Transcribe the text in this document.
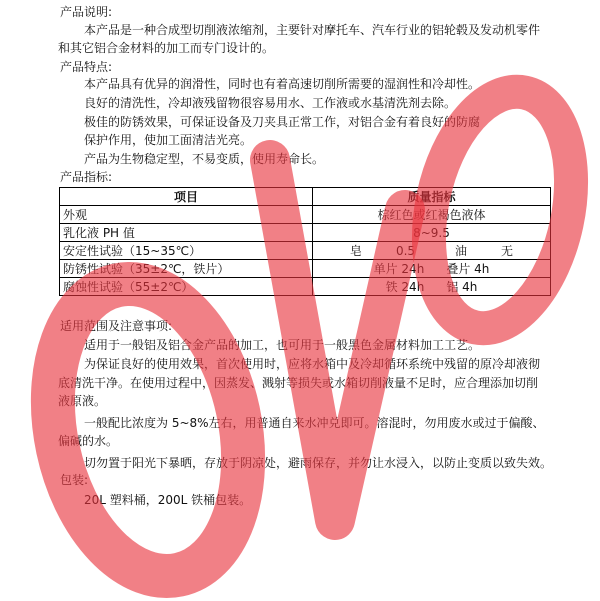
产品说明:

本产品是一种合成型切削液浓缩剂，主要针对摩托车、汽车行业的铝轮毂及发动机零件

和其它铝合金材料的加工而专门设计的。

产品特点:

本产品具有优异的润滑性，同时也有着高速切削所需要的湿润性和冷却性。

良好的清洗性，冷却液残留物很容易用水、工作液或水基清洗剂去除。

极佳的防锈效果，可保证设备及刀夹具正常工作，对铝合金有着良好的防腐

保护作用，使加工面清洁光亮。

产品为生物稳定型，不易变质，使用寿命长。

产品指标:

项目	质量指标
外观	棕红色或红褐色液体
乳化液 PH 值	8~9.5
安定性试验（15~35℃）	皂 0.5 油 无
防锈性试验（35±2℃，铁片）	单片 24h 叠片 4h
腐蚀性试验（55±2℃）	铁 24h 铝 4h

适用范围及注意事项:

适用于一般铝及铝合金产品的加工，也可用于一般黑色金属材料加工工艺。

为保证良好的使用效果，首次使用时，应将水箱中及冷却循环系统中残留的原冷却液彻

底清洗干净。在使用过程中，因蒸发、溅射等损失或水箱切削液量不足时，应合理添加切削

液原液。

一般配比浓度为 5~8%左右，用普通自来水冲兑即可。溶混时，勿用废水或过于偏酸、

偏碱的水。

切勿置于阳光下暴晒，存放于阴凉处，避雨保存，并勿让水浸入，以防止变质以致失效。

包装:

20L 塑料桶，200L 铁桶包装。
